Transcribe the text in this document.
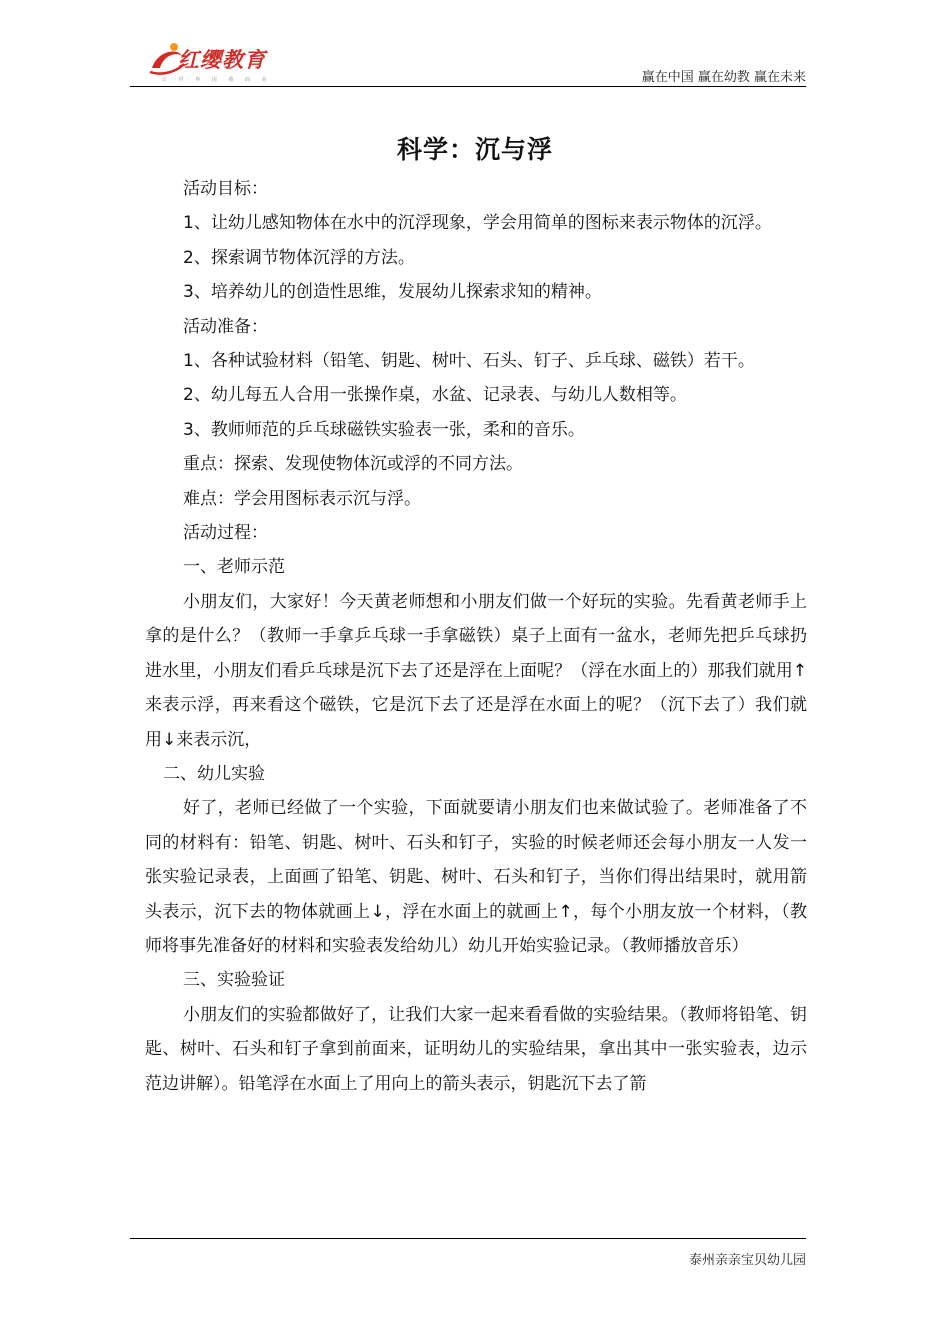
红缨教育
让 世 界 因 我 而 美	赢在中国 赢在幼教 赢在未来
科学：沉与浮

活动目标：

1、让幼儿感知物体在水中的沉浮现象，学会用简单的图标来表示物体的沉浮。

2、探索调节物体沉浮的方法。

3、培养幼儿的创造性思维，发展幼儿探索求知的精神。

活动准备：

1、各种试验材料（铅笔、钥匙、树叶、石头、钉子、乒乓球、磁铁）若干。

2、幼儿每五人合用一张操作桌，水盆、记录表、与幼儿人数相等。

3、教师师范的乒乓球磁铁实验表一张，柔和的音乐。

重点：探索、发现使物体沉或浮的不同方法。

难点：学会用图标表示沉与浮。

活动过程：

一、老师示范

小朋友们，大家好！今天黄老师想和小朋友们做一个好玩的实验。先看黄老师手上拿的是什么？（教师一手拿乒乓球一手拿磁铁）桌子上面有一盆水，老师先把乒乓球扔进水里，小朋友们看乒乓球是沉下去了还是浮在上面呢？（浮在水面上的）那我们就用↑来表示浮，再来看这个磁铁，它是沉下去了还是浮在水面上的呢？（沉下去了）我们就用↓来表示沉，

二、幼儿实验

好了，老师已经做了一个实验，下面就要请小朋友们也来做试验了。老师准备了不同的材料有：铅笔、钥匙、树叶、石头和钉子，实验的时候老师还会每小朋友一人发一张实验记录表，上面画了铅笔、钥匙、树叶、石头和钉子，当你们得出结果时，就用箭头表示，沉下去的物体就画上↓，浮在水面上的就画上↑，每个小朋友放一个材料，（教师将事先准备好的材料和实验表发给幼儿）幼儿开始实验记录。（教师播放音乐）

三、实验验证

小朋友们的实验都做好了，让我们大家一起来看看做的实验结果。（教师将铅笔、钥匙、树叶、石头和钉子拿到前面来，证明幼儿的实验结果，拿出其中一张实验表，边示范边讲解）。铅笔浮在水面上了用向上的箭头表示，钥匙沉下去了箭

泰州亲亲宝贝幼儿园
